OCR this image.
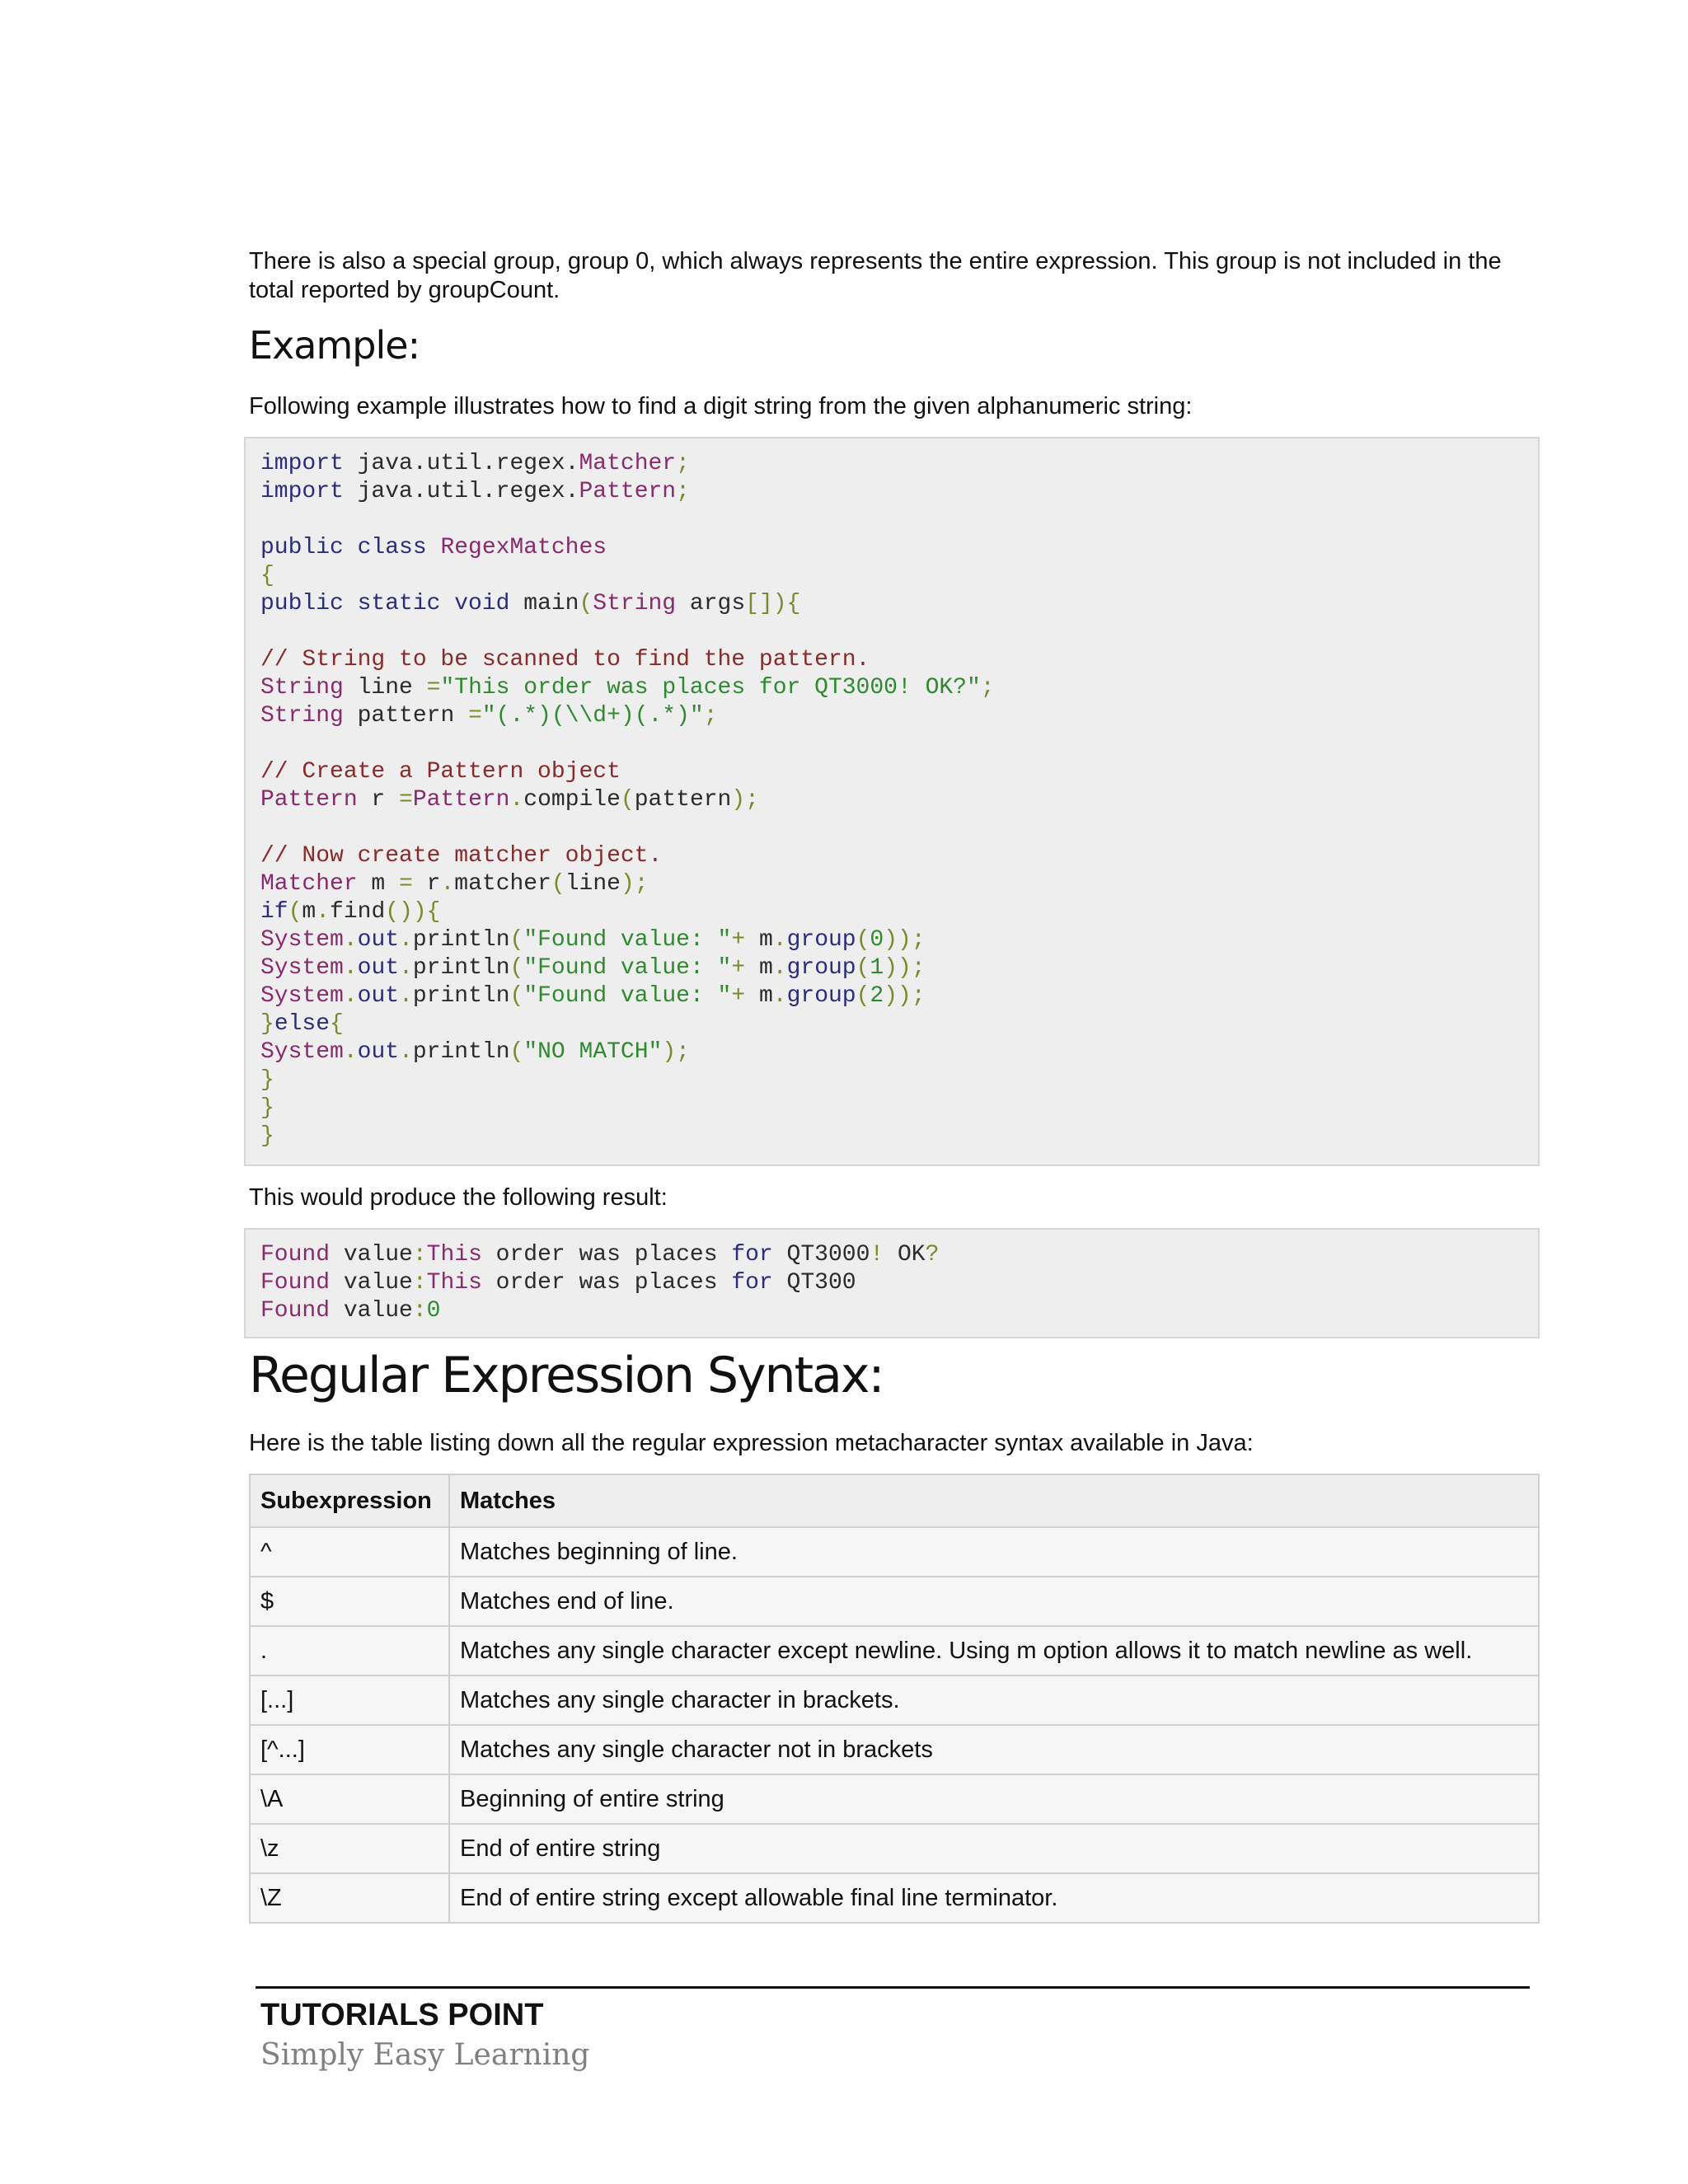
There is also a special group, group 0, which always represents the entire expression. This group is not included in the total reported by groupCount.

Example:

Following example illustrates how to find a digit string from the given alphanumeric string:

import java.util.regex.Matcher;
import java.util.regex.Pattern;
public class RegexMatches
{
public static void main(String args[]){
// String to be scanned to find the pattern.
String line ="This order was places for QT3000! OK?";
String pattern ="(.*)(\\d+)(.*)";
// Create a Pattern object
Pattern r =Pattern.compile(pattern);
// Now create matcher object.
Matcher m = r.matcher(line);
if(m.find()){
System.out.println("Found value: "+ m.group(0));
System.out.println("Found value: "+ m.group(1));
System.out.println("Found value: "+ m.group(2));
}else{
System.out.println("NO MATCH");
}
}
}

This would produce the following result:

Found value:This order was places for QT3000! OK?
Found value:This order was places for QT300
Found value:0
Regular Expression Syntax:

Here is the table listing down all the regular expression metacharacter syntax available in Java:

Subexpression	Matches
^	Matches beginning of line.
$	Matches end of line.
.	Matches any single character except newline. Using m option allows it to match newline as well.
[...]	Matches any single character in brackets.
[^...]	Matches any single character not in brackets
\A	Beginning of entire string
\z	End of entire string
\Z	End of entire string except allowable final line terminator.
TUTORIALS POINT
Simply Easy Learning
